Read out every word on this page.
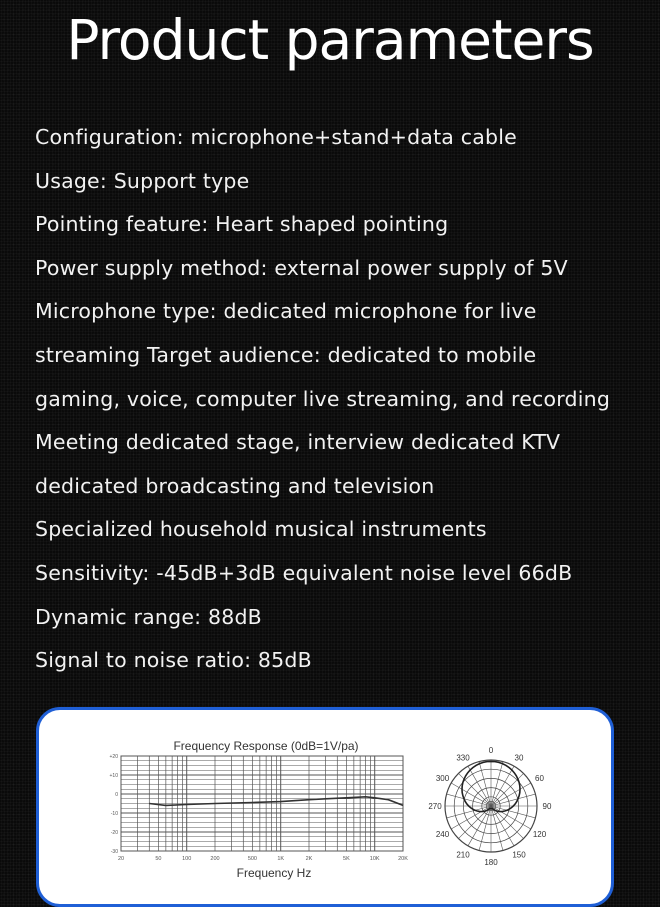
Product parameters
Configuration: microphone+stand+data cable
Usage: Support type
Pointing feature: Heart shaped pointing
Power supply method: external power supply of 5V
Microphone type: dedicated microphone for live
streaming Target audience: dedicated to mobile
gaming, voice, computer live streaming, and recording
Meeting dedicated stage, interview dedicated KTV
dedicated broadcasting and television
Specialized household musical instruments
Sensitivity: -45dB+3dB equivalent noise level 66dB
Dynamic range: 88dB
Signal to noise ratio: 85dB
Frequency Response (0dB=1V/pa)
Frequency Hz
+20
+10
0
-10
-20
-30
20	50	100	200	500	1K	2K	5K	10K	20K
0
30
60
90
120
150
180
210
240
270
300
330
